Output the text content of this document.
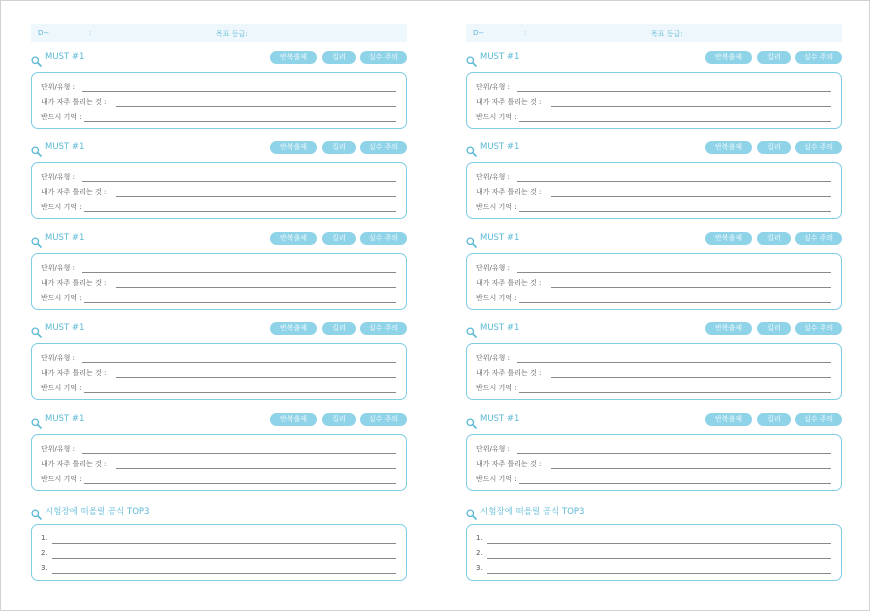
D−	:	목표 등급:
MUST #1	반복출제	킬러	실수 주의
단위/유형 :
내가 자주 틀리는 것 :
반드시 기억 :
MUST #1	반복출제	킬러	실수 주의
단위/유형 :
내가 자주 틀리는 것 :
반드시 기억 :
MUST #1	반복출제	킬러	실수 주의
단위/유형 :
내가 자주 틀리는 것 :
반드시 기억 :
MUST #1	반복출제	킬러	실수 주의
단위/유형 :
내가 자주 틀리는 것 :
반드시 기억 :
MUST #1	반복출제	킬러	실수 주의
단위/유형 :
내가 자주 틀리는 것 :
반드시 기억 :
시험장에 떠올릴 공식 TOP3
1.
2.
3.
D−	:	목표 등급:
MUST #1	반복출제	킬러	실수 주의
단위/유형 :
내가 자주 틀리는 것 :
반드시 기억 :
MUST #1	반복출제	킬러	실수 주의
단위/유형 :
내가 자주 틀리는 것 :
반드시 기억 :
MUST #1	반복출제	킬러	실수 주의
단위/유형 :
내가 자주 틀리는 것 :
반드시 기억 :
MUST #1	반복출제	킬러	실수 주의
단위/유형 :
내가 자주 틀리는 것 :
반드시 기억 :
MUST #1	반복출제	킬러	실수 주의
단위/유형 :
내가 자주 틀리는 것 :
반드시 기억 :
시험장에 떠올릴 공식 TOP3
1.
2.
3.
